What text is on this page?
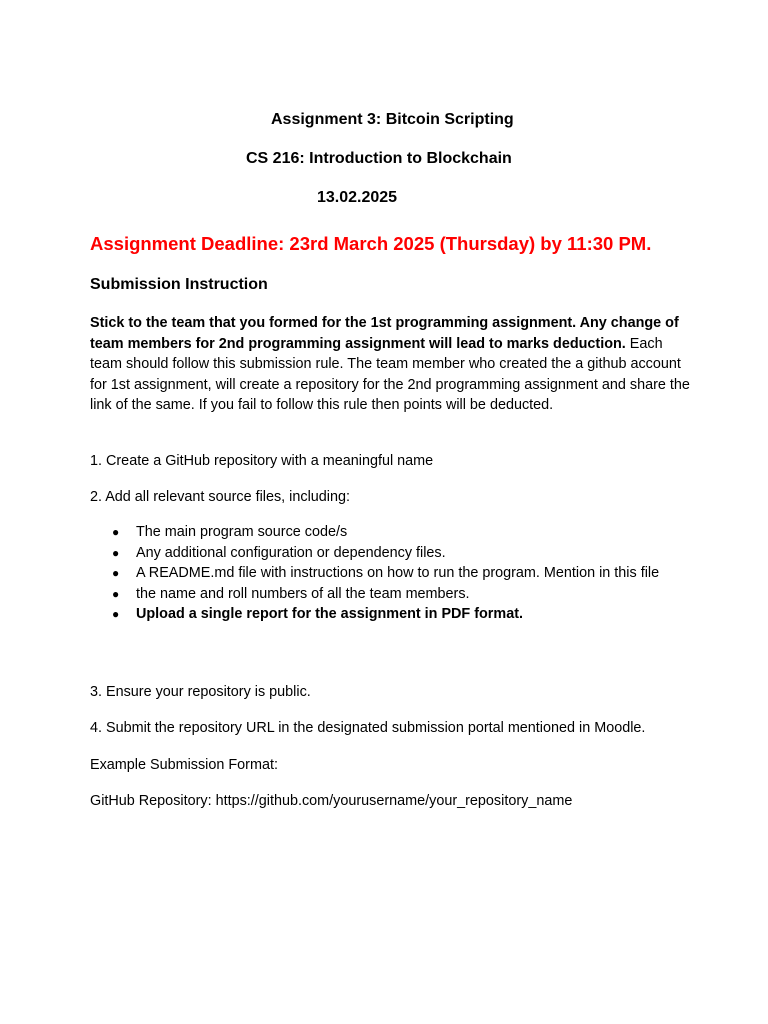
Assignment 3: Bitcoin Scripting
CS 216: Introduction to Blockchain
13.02.2025
Assignment Deadline: 23rd March 2025 (Thursday) by 11:30 PM.
Submission Instruction
Stick to the team that you formed for the 1st programming assignment. Any change of team members for 2nd programming assignment will lead to marks deduction. Each team should follow this submission rule. The team member who created the a github account for 1st assignment, will create a repository for the 2nd programming assignment and share the link of the same. If you fail to follow this rule then points will be deducted.
1. Create a GitHub repository with a meaningful name
2. Add all relevant source files, including:
● The main program source code/s
● Any additional configuration or dependency files.
● A README.md file with instructions on how to run the program. Mention in this file
● the name and roll numbers of all the team members.
● Upload a single report for the assignment in PDF format.
3. Ensure your repository is public.
4. Submit the repository URL in the designated submission portal mentioned in Moodle.
Example Submission Format:
GitHub Repository: https://github.com/yourusername/your_repository_name
